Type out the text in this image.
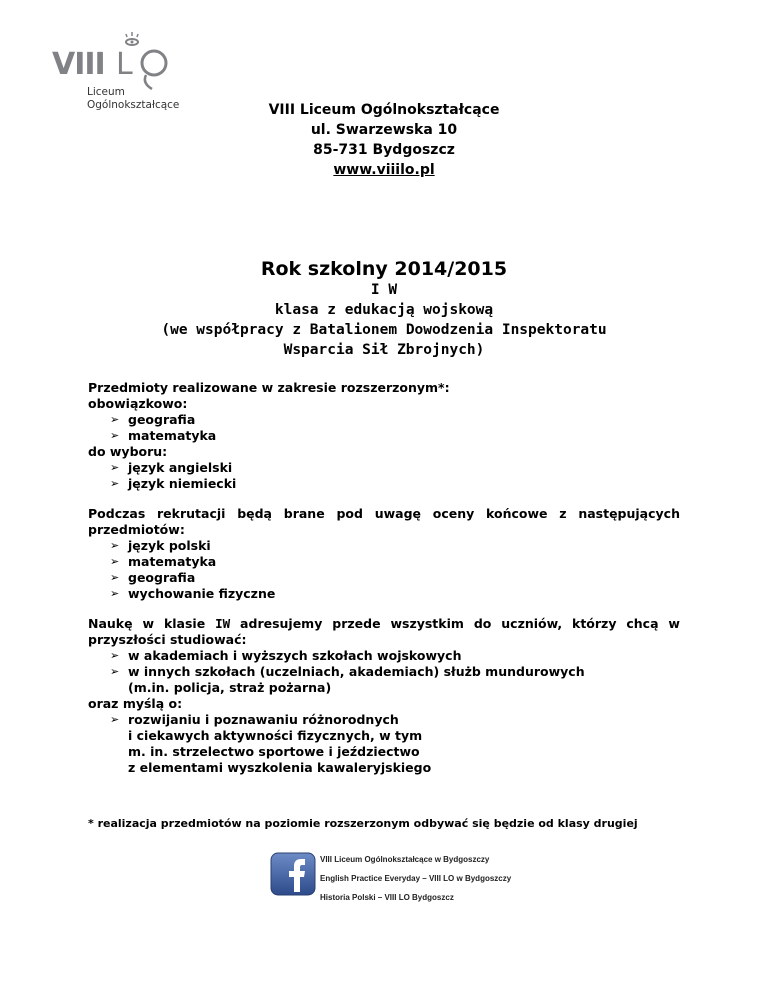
VIII L
Liceum
Ogólnokształcące	VIII Liceum Ogólnokształcące
ul. Swarzewska 10
85-731 Bydgoszcz
www.viiilo.pl
Rok szkolny 2014/2015
I W
klasa z edukacją wojskową
(we współpracy z Batalionem Dowodzenia Inspektoratu
Wsparcia Sił Zbrojnych)

Przedmioty realizowane w zakresie rozszerzonym*:

obowiązkowo:

➢ geografia
➢ matematyka

do wyboru:

➢ język angielski
➢ język niemiecki

Podczas rekrutacji będą brane pod uwagę oceny końcowe z następujących przedmiotów:

➢ język polski
➢ matematyka
➢ geografia
➢ wychowanie fizyczne

Naukę w klasie IW adresujemy przede wszystkim do uczniów, którzy chcą w przyszłości studiować:

➢ w akademiach i wyższych szkołach wojskowych
➢ w innych szkołach (uczelniach, akademiach) służb mundurowych

(m.in. policja, straż pożarna)

oraz myślą o:

➢ rozwijaniu i poznawaniu różnorodnych

i ciekawych aktywności fizycznych, w tym

m. in. strzelectwo sportowe i jeździectwo

z elementami wyszkolenia kawaleryjskiego

* realizacja przedmiotów na poziomie rozszerzonym odbywać się będzie od klasy drugiej
VIII Liceum Ogólnokształcące w Bydgoszczy
English Practice Everyday – VIII LO w Bydgoszczy
Historia Polski – VIII LO Bydgoszcz
